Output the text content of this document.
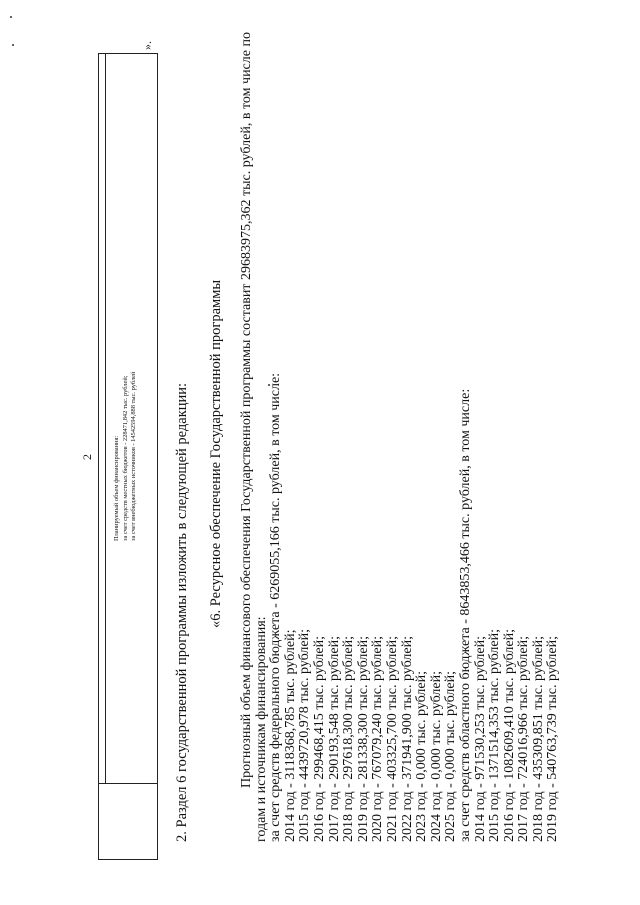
2	Планируемый объем финансирования: за счет средств местных бюджетов - 228471,842 тыс. рублей; за счет внебюджетных источников - 14542594,888 тыс. рублей
».
2. Раздел 6 государственной программы изложить в следующей редакции: «6. Ресурсное обеспечение Государственной программы Прогнозный объем финансового обеспечения Государственной программы составит 29683975,362 тыс. рублей, в том числе по годам и источникам финансирования: за счет средств федерального бюджета - 6269055,166 тыс. рублей, в том числе: 2014 год - 3118368,785 тыс. рублей; 2015 год - 4439720,978 тыс. рублей; 2016 год - 299468,415 тыс. рублей; 2017 год - 290193,548 тыс. рублей; 2018 год - 297618,300 тыс. рублей; 2019 год - 281338,300 тыс. рублей; 2020 год - 767079,240 тыс. рублей; 2021 год - 403325,700 тыс. рублей; 2022 год - 371941,900 тыс. рублей; 2023 год - 0,000 тыс. рублей; 2024 год - 0,000 тыс. рублей; 2025 год - 0,000 тыс. рублей; за счет средств областного бюджета - 8643853,466 тыс. рублей, в том числе: 2014 год - 971530,253 тыс. рублей; 2015 год - 1371514,353 тыс. рублей; 2016 год - 1082609,410 тыс. рублей; 2017 год - 724016,966 тыс. рублей; 2018 год - 435309,851 тыс. рублей; 2019 год - 540763,739 тыс. рублей;
